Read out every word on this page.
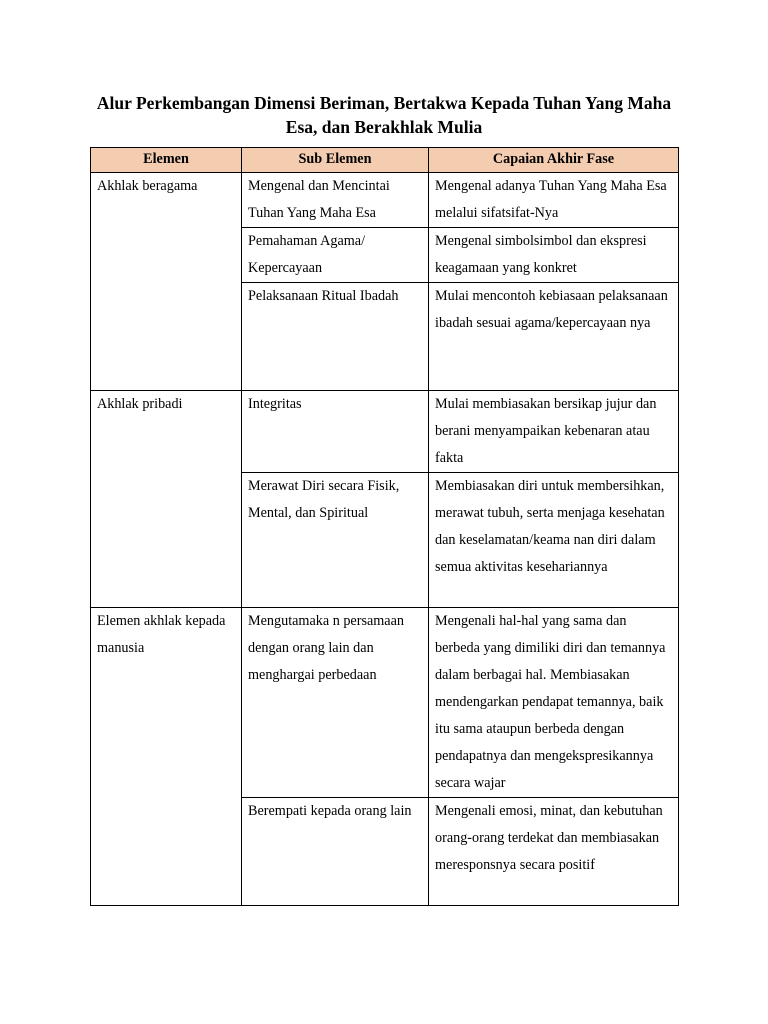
Alur Perkembangan Dimensi Beriman, Bertakwa Kepada Tuhan Yang Maha Esa, dan Berakhlak Mulia
Elemen	Sub Elemen	Capaian Akhir Fase
Akhlak beragama	Mengenal dan Mencintai Tuhan Yang Maha Esa	Mengenal adanya Tuhan Yang Maha Esa melalui sifatsifat-Nya
	Pemahaman Agama/ Kepercayaan	Mengenal simbolsimbol dan ekspresi keagamaan yang konkret
	Pelaksanaan Ritual Ibadah	Mulai mencontoh kebiasaan pelaksanaan ibadah sesuai agama/kepercayaan nya
Akhlak pribadi	Integritas	Mulai membiasakan bersikap jujur dan berani menyampaikan kebenaran atau fakta
	Merawat Diri secara Fisik, Mental, dan Spiritual	Membiasakan diri untuk membersihkan, merawat tubuh, serta menjaga kesehatan dan keselamatan/keama nan diri dalam semua aktivitas kesehariannya
Elemen akhlak kepada manusia	Mengutamaka n persamaan dengan orang lain dan menghargai perbedaan	Mengenali hal-hal yang sama dan berbeda yang dimiliki diri dan temannya dalam berbagai hal. Membiasakan mendengarkan pendapat temannya, baik itu sama ataupun berbeda dengan pendapatnya dan mengekspresikannya secara wajar
	Berempati kepada orang lain	Mengenali emosi, minat, dan kebutuhan orang-orang terdekat dan membiasakan meresponsnya secara positif
